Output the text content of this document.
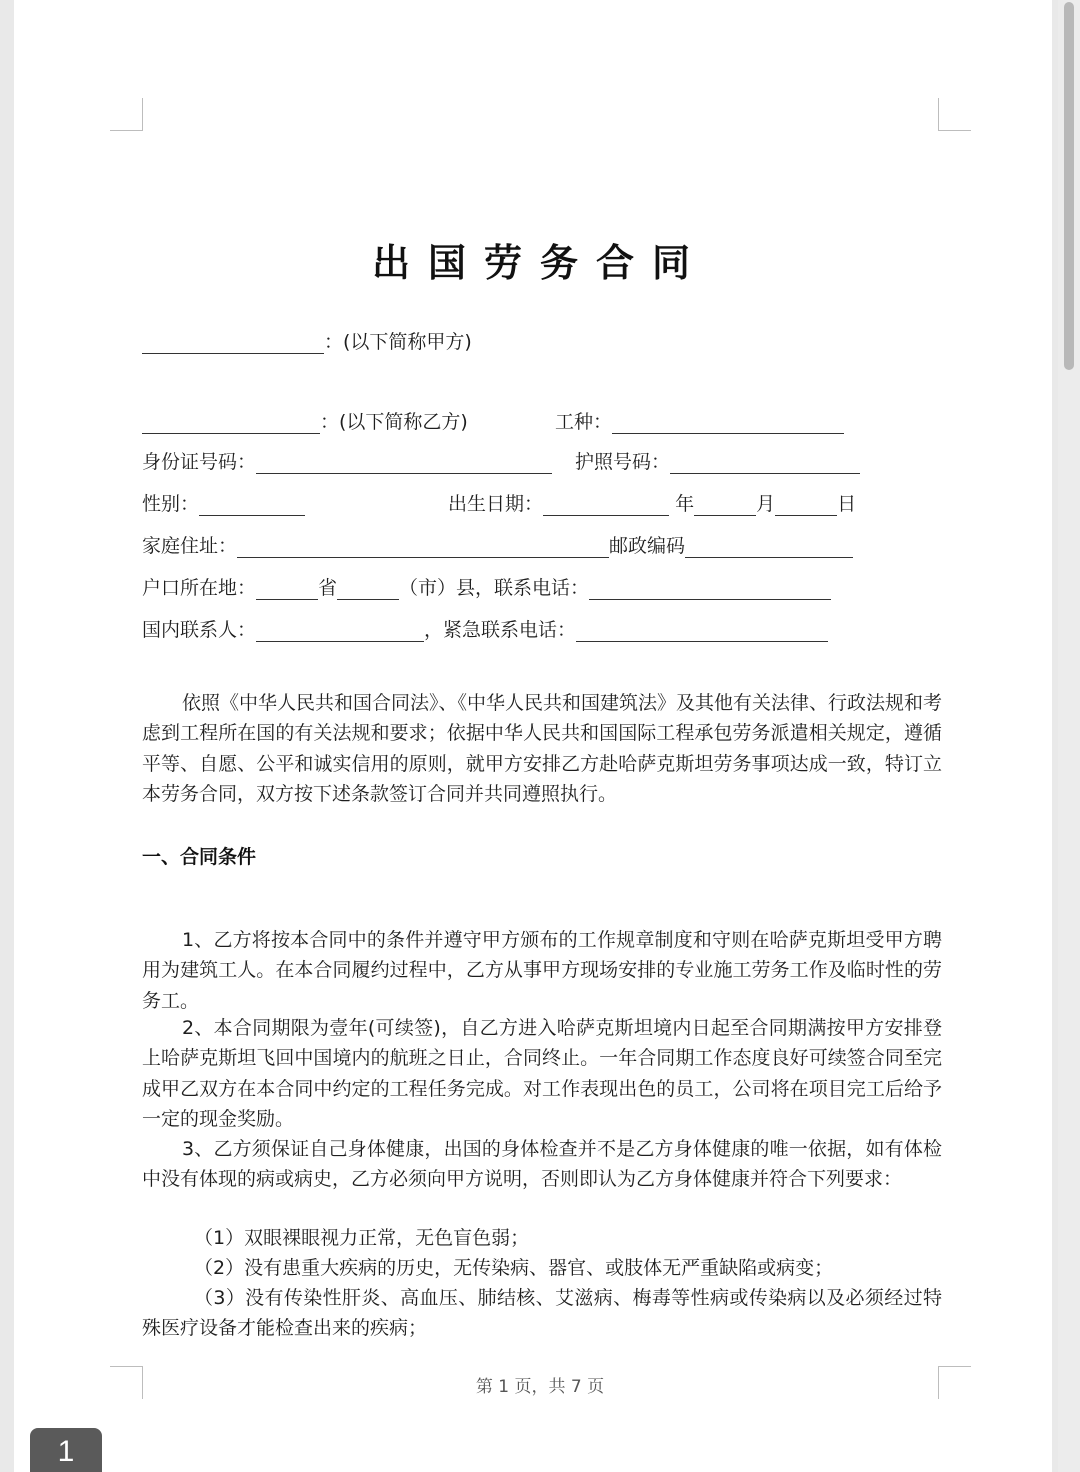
出国劳务合同
：(以下简称甲方)
：(以下简称乙方)	工种：
身份证号码：	护照号码：
性别：	出生日期：	年	月	日
家庭住址：	邮政编码
户口所在地：	省	（市）县，联系电话：
国内联系人：	，紧急联系电话：
依照《中华人民共和国合同法》、《中华人民共和国建筑法》及其他有关法律、行政法规和考虑到工程所在国的有关法规和要求；依据中华人民共和国国际工程承包劳务派遣相关规定，遵循平等、自愿、公平和诚实信用的原则，就甲方安排乙方赴哈萨克斯坦劳务事项达成一致，特订立本劳务合同，双方按下述条款签订合同并共同遵照执行。
一、合同条件
1、乙方将按本合同中的条件并遵守甲方颁布的工作规章制度和守则在哈萨克斯坦受甲方聘用为建筑工人。在本合同履约过程中，乙方从事甲方现场安排的专业施工劳务工作及临时性的劳务工。
2、本合同期限为壹年(可续签)，自乙方进入哈萨克斯坦境内日起至合同期满按甲方安排登上哈萨克斯坦飞回中国境内的航班之日止，合同终止。一年合同期工作态度良好可续签合同至完成甲乙双方在本合同中约定的工程任务完成。对工作表现出色的员工，公司将在项目完工后给予一定的现金奖励。
3、乙方须保证自己身体健康，出国的身体检查并不是乙方身体健康的唯一依据，如有体检中没有体现的病或病史，乙方必须向甲方说明，否则即认为乙方身体健康并符合下列要求：
（1）双眼裸眼视力正常，无色盲色弱；
（2）没有患重大疾病的历史，无传染病、器官、或肢体无严重缺陷或病变；
（3）没有传染性肝炎、高血压、肺结核、艾滋病、梅毒等性病或传染病以及必须经过特殊医疗设备才能检查出来的疾病；
第 1 页，共 7 页
1
